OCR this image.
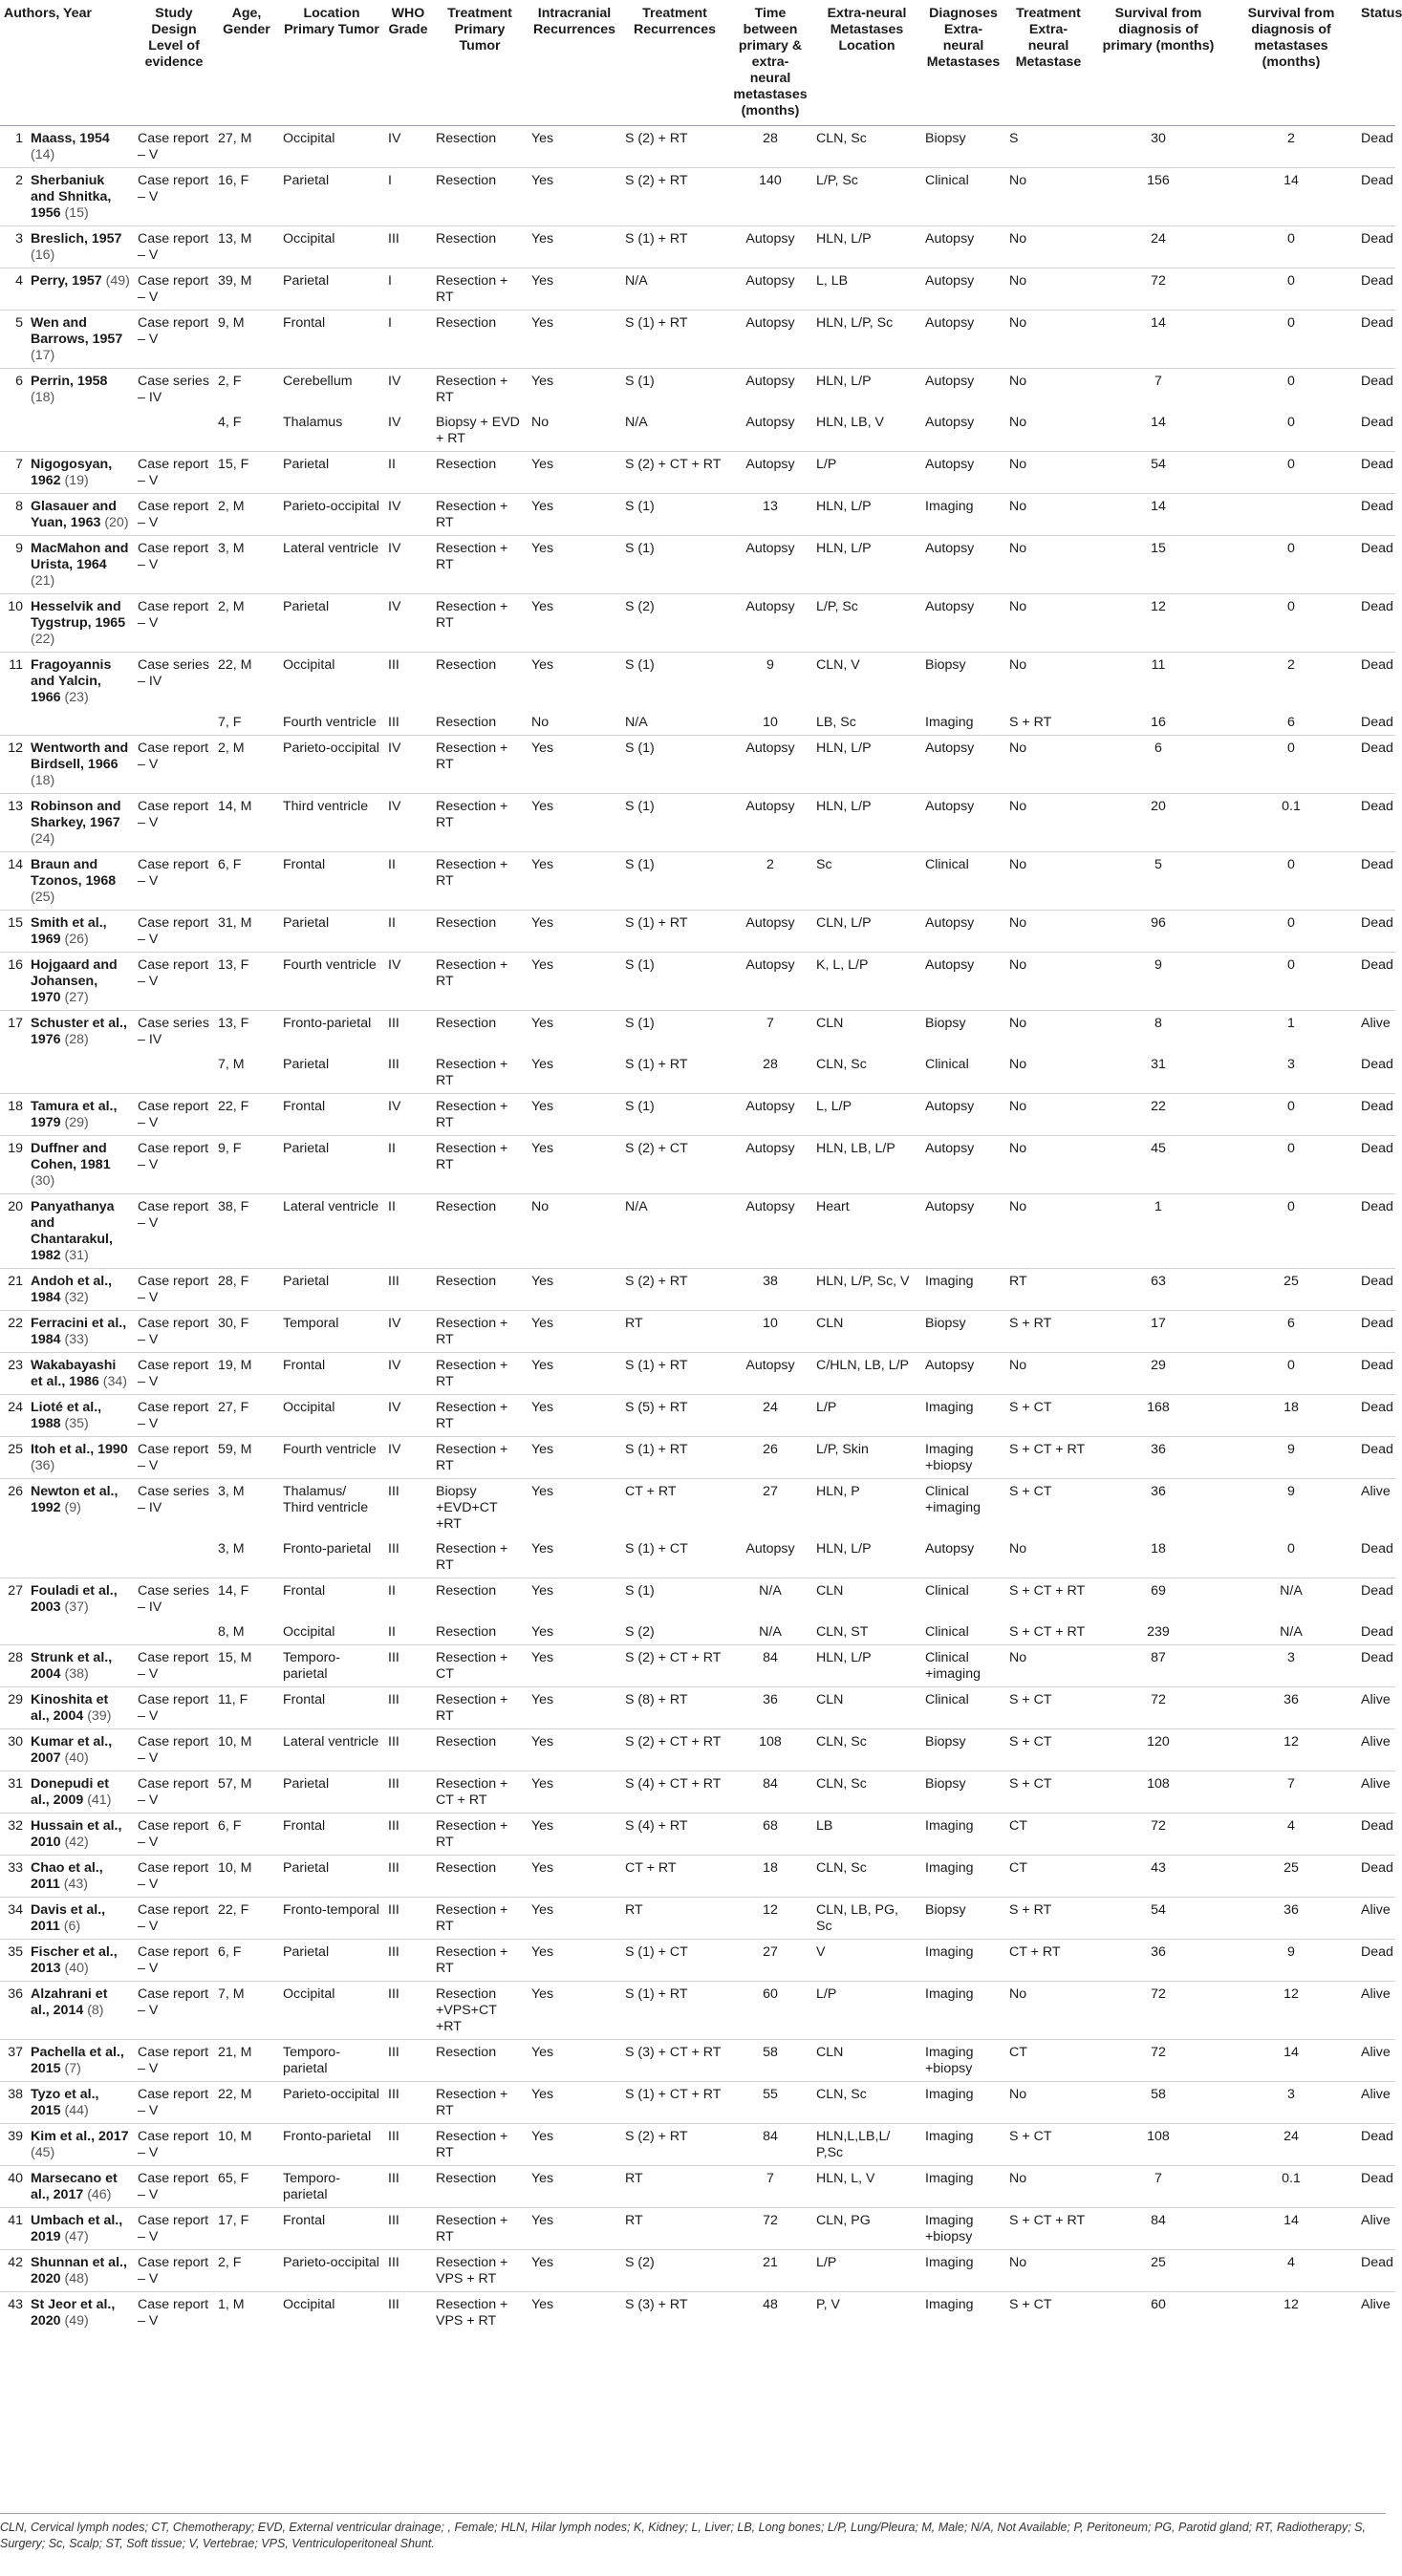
Authors, Year		Study Design Level of evidence	Age, Gender	Location Primary Tumor	WHO Grade	Treatment Primary Tumor	Intracranial Recurrences	Treatment Recurrences	Time between primary & extra-neural metastases (months)	Extra-neural Metastases Location	Diagnoses Extra-neural Metastases	Treatment Extra-neural Metastase	Survival from diagnosis of primary (months)	Survival from diagnosis of metastases (months)	Status
1	Maass, 1954 (14)	Case report – V	27, M	Occipital	IV	Resection	Yes	S (2) + RT	28	CLN, Sc	Biopsy	S	30	2	Dead
2	Sherbaniuk and Shnitka, 1956 (15)	Case report – V	16, F	Parietal	I	Resection	Yes	S (2) + RT	140	L/P, Sc	Clinical	No	156	14	Dead
3	Breslich, 1957 (16)	Case report – V	13, M	Occipital	III	Resection	Yes	S (1) + RT	Autopsy	HLN, L/P	Autopsy	No	24	0	Dead
4	Perry, 1957 (49)	Case report – V	39, M	Parietal	I	Resection + RT	Yes	N/A	Autopsy	L, LB	Autopsy	No	72	0	Dead
5	Wen and Barrows, 1957 (17)	Case report – V	9, M	Frontal	I	Resection	Yes	S (1) + RT	Autopsy	HLN, L/P, Sc	Autopsy	No	14	0	Dead
6	Perrin, 1958 (18)	Case series – IV	2, F	Cerebellum	IV	Resection + RT	Yes	S (1)	Autopsy	HLN, L/P	Autopsy	No	7	0	Dead
			4, F	Thalamus	IV	Biopsy + EVD + RT	No	N/A	Autopsy	HLN, LB, V	Autopsy	No	14	0	Dead
7	Nigogosyan, 1962 (19)	Case report – V	15, F	Parietal	II	Resection	Yes	S (2) + CT + RT	Autopsy	L/P	Autopsy	No	54	0	Dead
8	Glasauer and Yuan, 1963 (20)	Case report – V	2, M	Parieto-occipital	IV	Resection + RT	Yes	S (1)	13	HLN, L/P	Imaging	No	14		Dead
9	MacMahon and Urista, 1964 (21)	Case report – V	3, M	Lateral ventricle	IV	Resection + RT	Yes	S (1)	Autopsy	HLN, L/P	Autopsy	No	15	0	Dead
10	Hesselvik and Tygstrup, 1965 (22)	Case report – V	2, M	Parietal	IV	Resection + RT	Yes	S (2)	Autopsy	L/P, Sc	Autopsy	No	12	0	Dead
11	Fragoyannis and Yalcin, 1966 (23)	Case series – IV	22, M	Occipital	III	Resection	Yes	S (1)	9	CLN, V	Biopsy	No	11	2	Dead
			7, F	Fourth ventricle	III	Resection	No	N/A	10	LB, Sc	Imaging	S + RT	16	6	Dead
12	Wentworth and Birdsell, 1966 (18)	Case report – V	2, M	Parieto-occipital	IV	Resection + RT	Yes	S (1)	Autopsy	HLN, L/P	Autopsy	No	6	0	Dead
13	Robinson and Sharkey, 1967 (24)	Case report – V	14, M	Third ventricle	IV	Resection + RT	Yes	S (1)	Autopsy	HLN, L/P	Autopsy	No	20	0.1	Dead
14	Braun and Tzonos, 1968 (25)	Case report – V	6, F	Frontal	II	Resection + RT	Yes	S (1)	2	Sc	Clinical	No	5	0	Dead
15	Smith et al., 1969 (26)	Case report – V	31, M	Parietal	II	Resection	Yes	S (1) + RT	Autopsy	CLN, L/P	Autopsy	No	96	0	Dead
16	Hojgaard and Johansen, 1970 (27)	Case report – V	13, F	Fourth ventricle	IV	Resection + RT	Yes	S (1)	Autopsy	K, L, L/P	Autopsy	No	9	0	Dead
17	Schuster et al., 1976 (28)	Case series – IV	13, F	Fronto-parietal	III	Resection	Yes	S (1)	7	CLN	Biopsy	No	8	1	Alive
			7, M	Parietal	III	Resection + RT	Yes	S (1) + RT	28	CLN, Sc	Clinical	No	31	3	Dead
18	Tamura et al., 1979 (29)	Case report – V	22, F	Frontal	IV	Resection + RT	Yes	S (1)	Autopsy	L, L/P	Autopsy	No	22	0	Dead
19	Duffner and Cohen, 1981 (30)	Case report – V	9, F	Parietal	II	Resection + RT	Yes	S (2) + CT	Autopsy	HLN, LB, L/P	Autopsy	No	45	0	Dead
20	Panyathanya and Chantarakul, 1982 (31)	Case report – V	38, F	Lateral ventricle	II	Resection	No	N/A	Autopsy	Heart	Autopsy	No	1	0	Dead
21	Andoh et al., 1984 (32)	Case report – V	28, F	Parietal	III	Resection	Yes	S (2) + RT	38	HLN, L/P, Sc, V	Imaging	RT	63	25	Dead
22	Ferracini et al., 1984 (33)	Case report – V	30, F	Temporal	IV	Resection + RT	Yes	RT	10	CLN	Biopsy	S + RT	17	6	Dead
23	Wakabayashi et al., 1986 (34)	Case report – V	19, M	Frontal	IV	Resection + RT	Yes	S (1) + RT	Autopsy	C/HLN, LB, L/P	Autopsy	No	29	0	Dead
24	Lioté et al., 1988 (35)	Case report – V	27, F	Occipital	IV	Resection + RT	Yes	S (5) + RT	24	L/P	Imaging	S + CT	168	18	Dead
25	Itoh et al., 1990 (36)	Case report – V	59, M	Fourth ventricle	IV	Resection + RT	Yes	S (1) + RT	26	L/P, Skin	Imaging +biopsy	S + CT + RT	36	9	Dead
26	Newton et al., 1992 (9)	Case series – IV	3, M	Thalamus/ Third ventricle	III	Biopsy +EVD+CT +RT	Yes	CT + RT	27	HLN, P	Clinical +imaging	S + CT	36	9	Alive
			3, M	Fronto-parietal	III	Resection + RT	Yes	S (1) + CT	Autopsy	HLN, L/P	Autopsy	No	18	0	Dead
27	Fouladi et al., 2003 (37)	Case series – IV	14, F	Frontal	II	Resection	Yes	S (1)	N/A	CLN	Clinical	S + CT + RT	69	N/A	Dead
			8, M	Occipital	II	Resection	Yes	S (2)	N/A	CLN, ST	Clinical	S + CT + RT	239	N/A	Dead
28	Strunk et al., 2004 (38)	Case report – V	15, M	Temporo-parietal	III	Resection + CT	Yes	S (2) + CT + RT	84	HLN, L/P	Clinical +imaging	No	87	3	Dead
29	Kinoshita et al., 2004 (39)	Case report – V	11, F	Frontal	III	Resection + RT	Yes	S (8) + RT	36	CLN	Clinical	S + CT	72	36	Alive
30	Kumar et al., 2007 (40)	Case report – V	10, M	Lateral ventricle	III	Resection	Yes	S (2) + CT + RT	108	CLN, Sc	Biopsy	S + CT	120	12	Alive
31	Donepudi et al., 2009 (41)	Case report – V	57, M	Parietal	III	Resection + CT + RT	Yes	S (4) + CT + RT	84	CLN, Sc	Biopsy	S + CT	108	7	Alive
32	Hussain et al., 2010 (42)	Case report – V	6, F	Frontal	III	Resection + RT	Yes	S (4) + RT	68	LB	Imaging	CT	72	4	Dead
33	Chao et al., 2011 (43)	Case report – V	10, M	Parietal	III	Resection	Yes	CT + RT	18	CLN, Sc	Imaging	CT	43	25	Dead
34	Davis et al., 2011 (6)	Case report – V	22, F	Fronto-temporal	III	Resection + RT	Yes	RT	12	CLN, LB, PG, Sc	Biopsy	S + RT	54	36	Alive
35	Fischer et al., 2013 (40)	Case report – V	6, F	Parietal	III	Resection + RT	Yes	S (1) + CT	27	V	Imaging	CT + RT	36	9	Dead
36	Alzahrani et al., 2014 (8)	Case report – V	7, M	Occipital	III	Resection +VPS+CT +RT	Yes	S (1) + RT	60	L/P	Imaging	No	72	12	Alive
37	Pachella et al., 2015 (7)	Case report – V	21, M	Temporo-parietal	III	Resection	Yes	S (3) + CT + RT	58	CLN	Imaging +biopsy	CT	72	14	Alive
38	Tyzo et al., 2015 (44)	Case report – V	22, M	Parieto-occipital	III	Resection + RT	Yes	S (1) + CT + RT	55	CLN, Sc	Imaging	No	58	3	Alive
39	Kim et al., 2017 (45)	Case report – V	10, M	Fronto-parietal	III	Resection + RT	Yes	S (2) + RT	84	HLN,L,LB,L/ P,Sc	Imaging	S + CT	108	24	Dead
40	Marsecano et al., 2017 (46)	Case report – V	65, F	Temporo-parietal	III	Resection	Yes	RT	7	HLN, L, V	Imaging	No	7	0.1	Dead
41	Umbach et al., 2019 (47)	Case report – V	17, F	Frontal	III	Resection + RT	Yes	RT	72	CLN, PG	Imaging +biopsy	S + CT + RT	84	14	Alive
42	Shunnan et al., 2020 (48)	Case report – V	2, F	Parieto-occipital	III	Resection + VPS + RT	Yes	S (2)	21	L/P	Imaging	No	25	4	Dead
43	St Jeor et al., 2020 (49)	Case report – V	1, M	Occipital	III	Resection + VPS + RT	Yes	S (3) + RT	48	P, V	Imaging	S + CT	60	12	Alive
CLN, Cervical lymph nodes; CT, Chemotherapy; EVD, External ventricular drainage; , Female; HLN, Hilar lymph nodes; K, Kidney; L, Liver; LB, Long bones; L/P, Lung/Pleura; M, Male; N/A, Not Available; P, Peritoneum; PG, Parotid gland; RT, Radiotherapy; S, Surgery; Sc, Scalp; ST, Soft tissue; V, Vertebrae; VPS, Ventriculoperitoneal Shunt.
